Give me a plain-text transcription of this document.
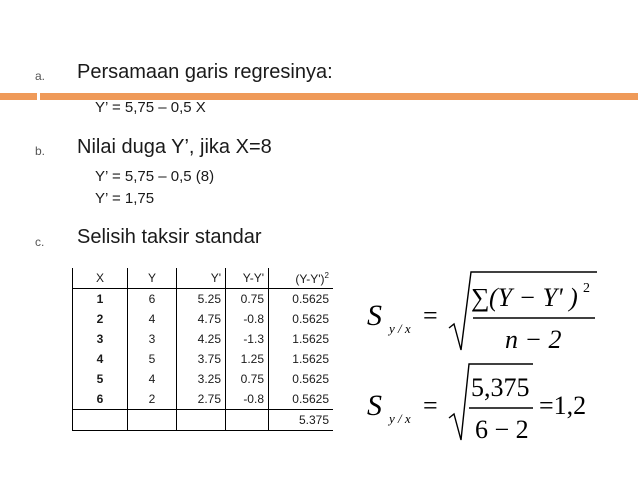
a. Persamaan garis regresinya:
Y’ = 5,75 – 0,5 X
b. Nilai duga Y’, jika X=8
Y’ = 5,75 – 0,5 (8)
Y’ = 1,75
c. Selisih taksir standar
X	Y	Y'	Y-Y'	$(Y-Y')^2$
1	6	5.25	0.75	0.5625
2	4	4.75	-0.8	0.5625
3	3	4.25	-1.3	1.5625
4	5	3.75	1.25	1.5625
5	4	3.25	0.75	0.5625
6	2	2.75	-0.8	0.5625
				5.375
S y / x =
∑ (Y − Y' ) 2
n − 2
S y / x =
5,375
6 − 2
=1,2
